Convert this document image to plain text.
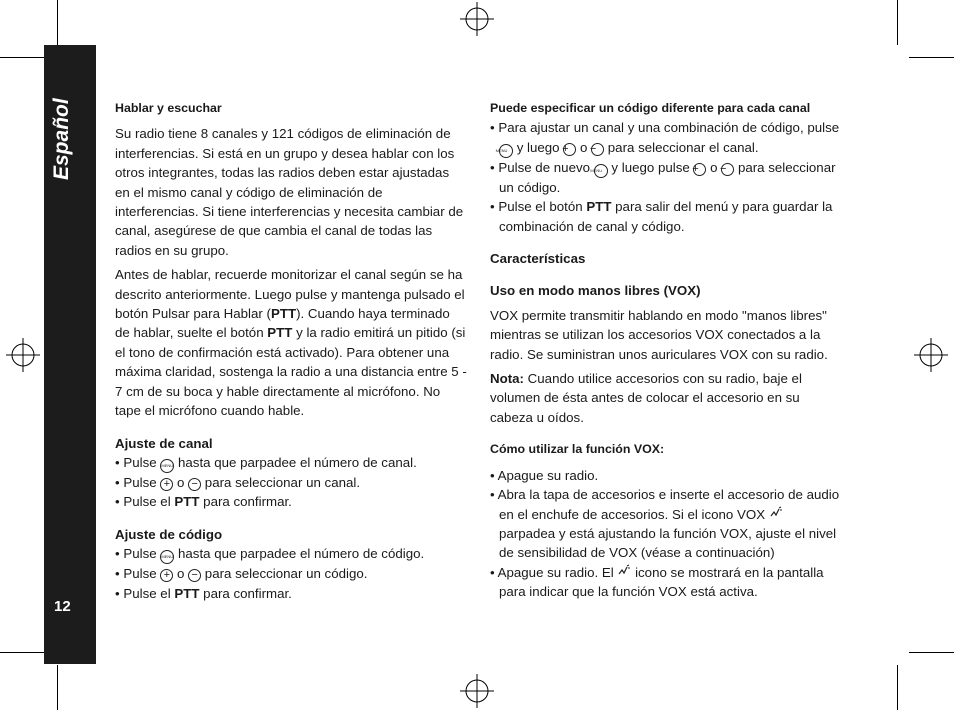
Español
12

Hablar y escuchar

Su radio tiene 8 canales y 121 códigos de eliminación de interferencias. Si está en un grupo y desea hablar con los otros integrantes, todas las radios deben estar ajustadas en el mismo canal y código de eliminación de interferencias. Si tiene interferencias y necesita cambiar de canal, asegúrese de que cambia el canal de todas las radios en su grupo.

Antes de hablar, recuerde monitorizar el canal según se ha descrito anteriormente. Luego pulse y mantenga pulsado el botón Pulsar para Hablar (PTT). Cuando haya terminado de hablar, suelte el botón PTT y la radio emitirá un pitido (si el tono de confirmación está activado). Para obtener una máxima claridad, sostenga la radio a una distancia entre 5 - 7 cm de su boca y hable directamente al micrófono. No tape el micrófono cuando hable.

Ajuste de canal

• Pulse MENU hasta que parpadee el número de canal.

• Pulse + o − para seleccionar un canal.

• Pulse el PTT para confirmar.

Ajuste de código

• Pulse MENU hasta que parpadee el número de código.

• Pulse + o − para seleccionar un código.

• Pulse el PTT para confirmar.

Puede especificar un código diferente para cada canal

• Para ajustar un canal y una combinación de código, pulse MENU y luego + o − para seleccionar el canal.

• Pulse de nuevo MENU y luego pulse + o − para seleccionar un código.

• Pulse el botón PTT para salir del menú y para guardar la combinación de canal y código.

Características

Uso en modo manos libres (VOX)

VOX permite transmitir hablando en modo "manos libres" mientras se utilizan los accesorios VOX conectados a la radio. Se suministran unos auriculares VOX con su radio.

Nota: Cuando utilice accesorios con su radio, baje el volumen de ésta antes de colocar el accesorio en su cabeza u oídos.

Cómo utilizar la función VOX:

• Apague su radio.

• Abra la tapa de accesorios e inserte el accesorio de audio en el enchufe de accesorios. Si el icono VOX  parpadea y está ajustando la función VOX, ajuste el nivel de sensibilidad de VOX (véase a continuación)

• Apague su radio. El  icono se mostrará en la pantalla para indicar que la función VOX está activa.
